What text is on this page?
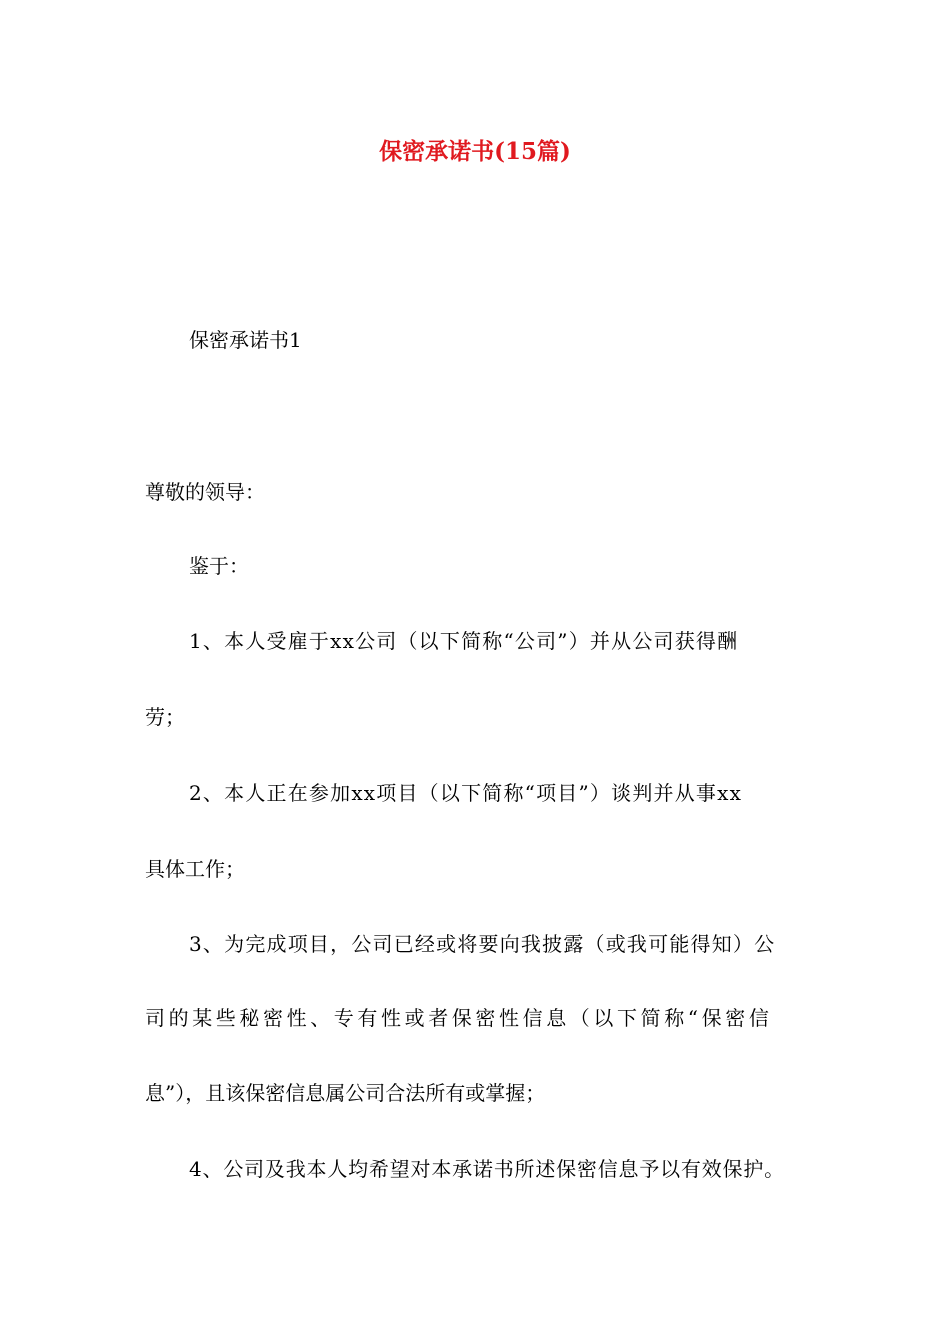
保密承诺书(15篇)
保密承诺书1
尊敬的领导：
鉴于：
1、本人受雇于xx公司（以下简称“公司”）并从公司获得酬
劳；
2、本人正在参加xx项目（以下简称“项目”）谈判并从事xx
具体工作；
3、为完成项目，公司已经或将要向我披露（或我可能得知）公
司的某些秘密性、专有性或者保密性信息（以下简称“保密信
息”），且该保密信息属公司合法所有或掌握；
4、公司及我本人均希望对本承诺书所述保密信息予以有效保护。
